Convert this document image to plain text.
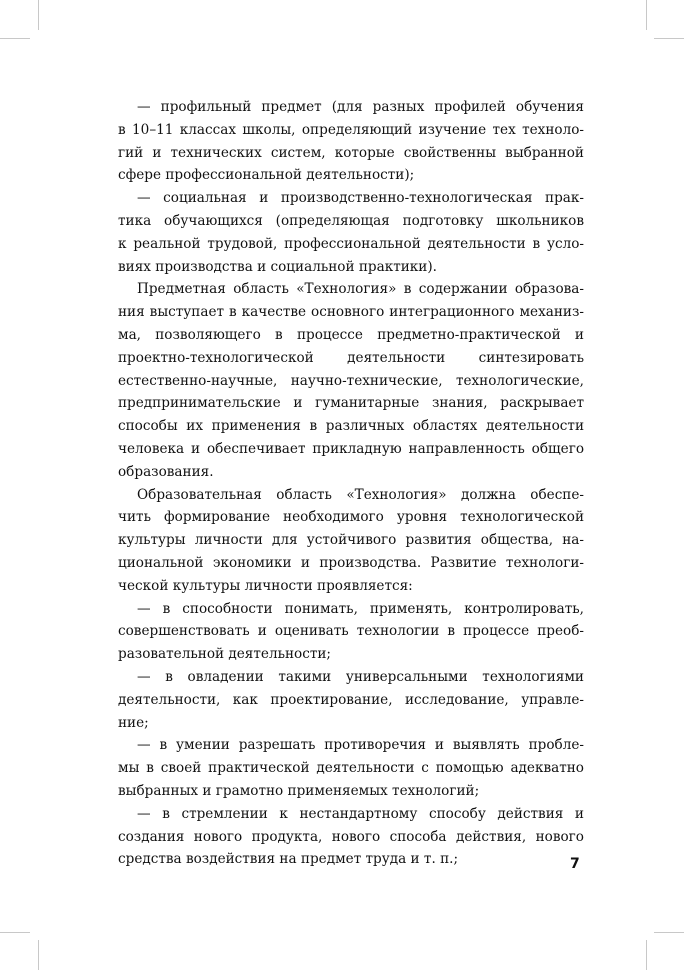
— профильный предмет (для разных профилей обучения
в 10–11 классах школы, определяющий изучение тех техноло-
гий и технических систем, которые свойственны выбранной
сфере профессиональной деятельности);
— социальная и производственно-технологическая прак-
тика обучающихся (определяющая подготовку школьников
к реальной трудовой, профессиональной деятельности в усло-
виях производства и социальной практики).
Предметная область «Технология» в содержании образова-
ния выступает в качестве основного интеграционного механиз-
ма, позволяющего в процессе предметно-практической и
проектно-технологической деятельности синтезировать
естественно-научные, научно-технические, технологические,
предпринимательские и гуманитарные знания, раскрывает
способы их применения в различных областях деятельности
человека и обеспечивает прикладную направленность общего
образования.
Образовательная область «Технология» должна обеспе-
чить формирование необходимого уровня технологической
культуры личности для устойчивого развития общества, на-
циональной экономики и производства. Развитие технологи-
ческой культуры личности проявляется:
— в способности понимать, применять, контролировать,
совершенствовать и оценивать технологии в процессе преоб-
разовательной деятельности;
— в овладении такими универсальными технологиями
деятельности, как проектирование, исследование, управле-
ние;
— в умении разрешать противоречия и выявлять пробле-
мы в своей практической деятельности с помощью адекватно
выбранных и грамотно применяемых технологий;
— в стремлении к нестандартному способу действия и
создания нового продукта, нового способа действия, нового
средства воздействия на предмет труда и т. п.;	7
